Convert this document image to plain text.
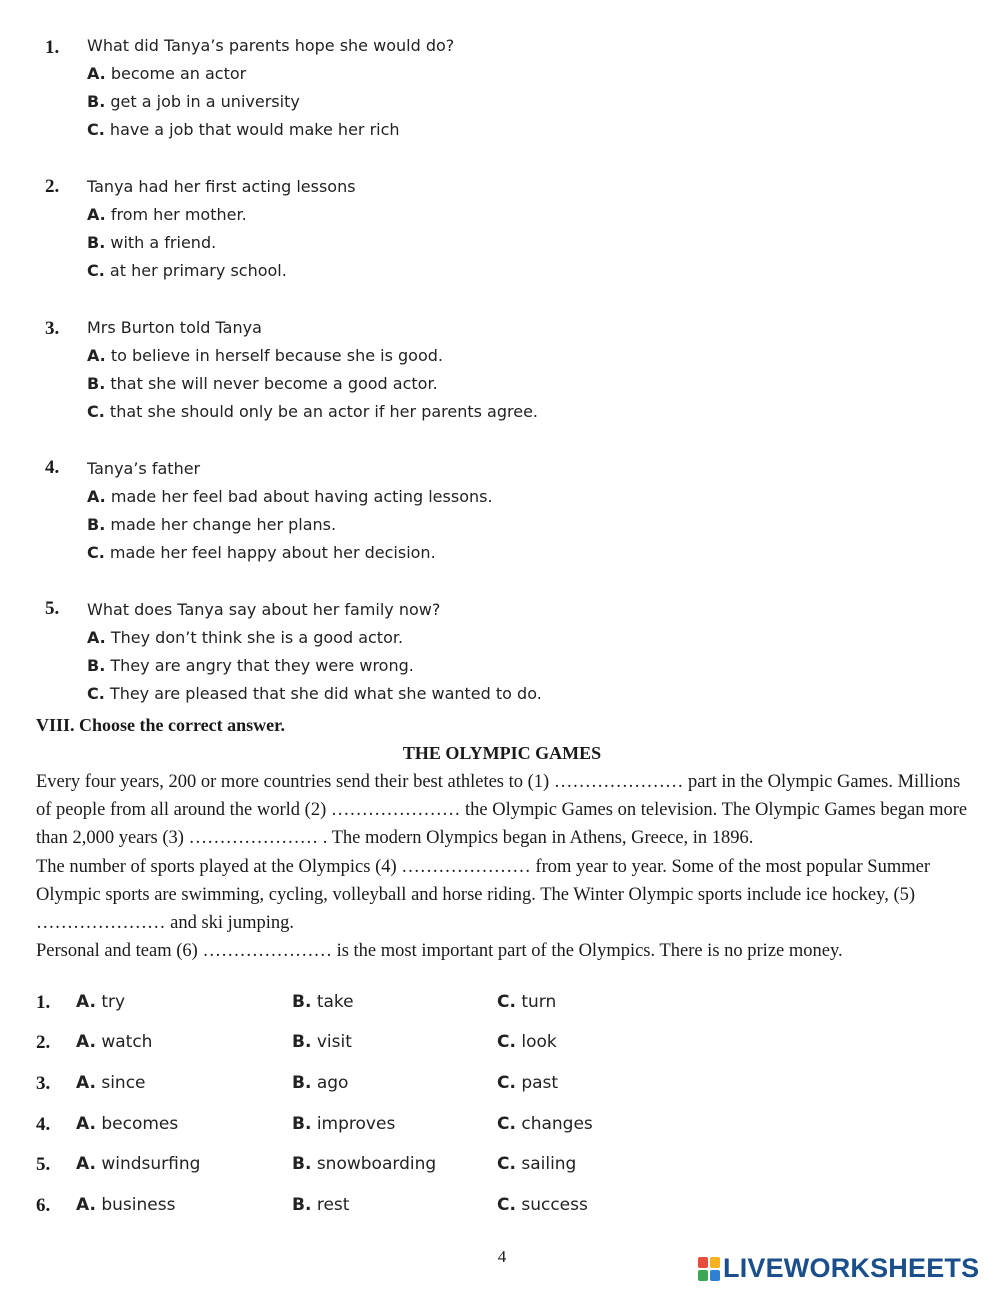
1. What did Tanya’s parents hope she would do?
A. become an actor
B. get a job in a university
C. have a job that would make her rich
2. Tanya had her first acting lessons
A. from her mother.
B. with a friend.
C. at her primary school.
3. Mrs Burton told Tanya
A. to believe in herself because she is good.
B. that she will never become a good actor.
C. that she should only be an actor if her parents agree.
4. Tanya’s father
A. made her feel bad about having acting lessons.
B. made her change her plans.
C. made her feel happy about her decision.
5. What does Tanya say about her family now?
A. They don’t think she is a good actor.
B. They are angry that they were wrong.
C. They are pleased that she did what she wanted to do.
VIII. Choose the correct answer.
THE OLYMPIC GAMES

Every four years, 200 or more countries send their best athletes to (1) ………………… part in the Olympic Games. Millions of people from all around the world (2) ………………… the Olympic Games on television. The Olympic Games began more than 2,000 years (3) ………………… . The modern Olympics began in Athens, Greece, in 1896.

The number of sports played at the Olympics (4) ………………… from year to year. Some of the most popular Summer Olympic sports are swimming, cycling, volleyball and horse riding. The Winter Olympic sports include ice hockey, (5) ………………… and ski jumping.

Personal and team (6) ………………… is the most important part of the Olympics. There is no prize money.

1. A. try	B. take	C. turn
2. A. watch	B. visit	C. look
3. A. since	B. ago	C. past
4. A. becomes	B. improves	C. changes
5. A. windsurfing	B. snowboarding	C. sailing
6. A. business	B. rest	C. success
4	LIVEWORKSHEETS
